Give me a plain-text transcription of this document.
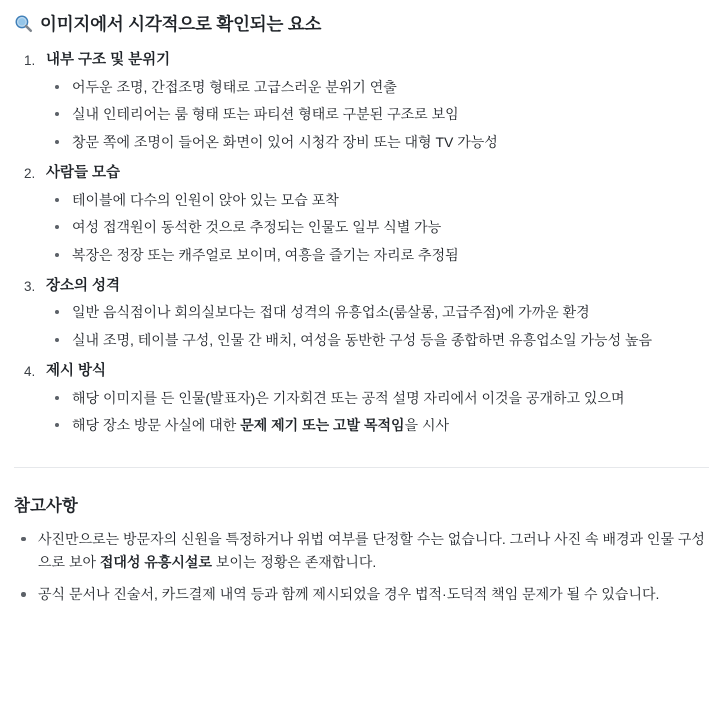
이미지에서 시각적으로 확인되는 요소
내부 구조 및 분위기
어두운 조명, 간접조명 형태로 고급스러운 분위기 연출
실내 인테리어는 룸 형태 또는 파티션 형태로 구분된 구조로 보임
창문 쪽에 조명이 들어온 화면이 있어 시청각 장비 또는 대형 TV 가능성
사람들 모습
테이블에 다수의 인원이 앉아 있는 모습 포착
여성 접객원이 동석한 것으로 추정되는 인물도 일부 식별 가능
복장은 정장 또는 캐주얼로 보이며, 여흥을 즐기는 자리로 추정됨
장소의 성격
일반 음식점이나 회의실보다는 접대 성격의 유흥업소(룸살롱, 고급주점)에 가까운 환경
실내 조명, 테이블 구성, 인물 간 배치, 여성을 동반한 구성 등을 종합하면 유흥업소일 가능성 높음
제시 방식
해당 이미지를 든 인물(발표자)은 기자회견 또는 공적 설명 자리에서 이것을 공개하고 있으며
해당 장소 방문 사실에 대한 문제 제기 또는 고발 목적임을 시사
참고사항
사진만으로는 방문자의 신원을 특정하거나 위법 여부를 단정할 수는 없습니다. 그러나 사진 속 배경과 인물 구성으로 보아 접대성 유흥시설로 보이는 정황은 존재합니다.
공식 문서나 진술서, 카드결제 내역 등과 함께 제시되었을 경우 법적·도덕적 책임 문제가 될 수 있습니다.
